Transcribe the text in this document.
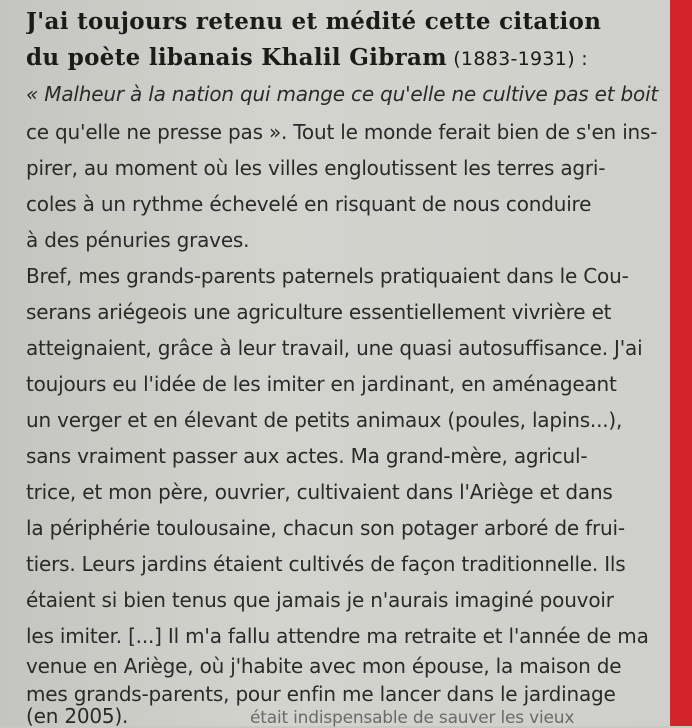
J'ai toujours retenu et médité cette citation
du poète libanais Khalil Gibram (1883-1931) :
« Malheur à la nation qui mange ce qu'elle ne cultive pas et boit
ce qu'elle ne presse pas ». Tout le monde ferait bien de s'en ins-
pirer, au moment où les villes engloutissent les terres agri-
coles à un rythme échevelé en risquant de nous conduire
à des pénuries graves.
Bref, mes grands-parents paternels pratiquaient dans le Cou-
serans ariégeois une agriculture essentiellement vivrière et
atteignaient, grâce à leur travail, une quasi autosuffisance. J'ai
toujours eu l'idée de les imiter en jardinant, en aménageant
un verger et en élevant de petits animaux (poules, lapins...),
sans vraiment passer aux actes. Ma grand-mère, agricul-
trice, et mon père, ouvrier, cultivaient dans l'Ariège et dans
la périphérie toulousaine, chacun son potager arboré de frui-
tiers. Leurs jardins étaient cultivés de façon traditionnelle. Ils
étaient si bien tenus que jamais je n'aurais imaginé pouvoir
les imiter. [...] Il m'a fallu attendre ma retraite et l'année de ma
venue en Ariège, où j'habite avec mon épouse, la maison de
mes grands-parents, pour enfin me lancer dans le jardinage
(en 2005).	était indispensable de sauver les vieux
